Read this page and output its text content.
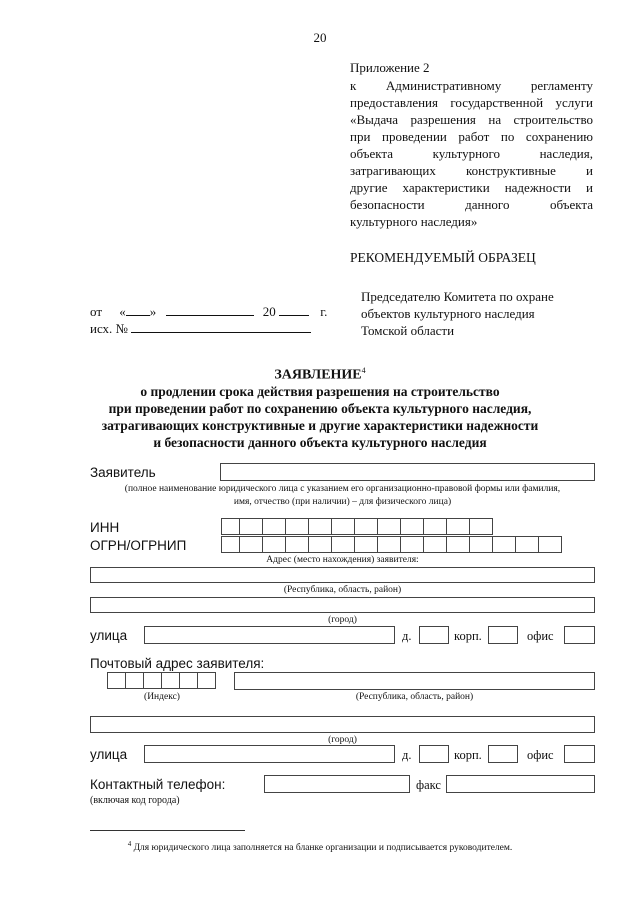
20
Приложение 2
к Административному регламенту
предоставления государственной услуги
«Выдача разрешения на строительство
при проведении работ по сохранению
объекта культурного наследия,
затрагивающих конструктивные и
другие характеристики надежности и
безопасности данного объекта
культурного наследия»
РЕКОМЕНДУЕМЫЙ ОБРАЗЕЦ
Председателю Комитета по охране
объектов культурного наследия
Томской области
от « »	20	г.
исх. №
ЗАЯВЛЕНИЕ$^4$
о продлении срока действия разрешения на строительство
при проведении работ по сохранению объекта культурного наследия,
затрагивающих конструктивные и другие характеристики надежности
и безопасности данного объекта культурного наследия
Заявитель
(полное наименование юридического лица с указанием его организационно-правовой формы или фамилия,
имя, отчество (при наличии) – для физического лица)
ИНН
ОГРН/ОГРНИП
Адрес (место нахождения) заявителя:
(Республика, область, район)
(город)
улица	д.	корп.	офис
Почтовый адрес заявителя:
(Индекс)	(Республика, область, район)
(город)
улица	д.	корп.	офис
Контактный телефон:	факс
(включая код города)
$^4$ Для юридического лица заполняется на бланке организации и подписывается руководителем.
